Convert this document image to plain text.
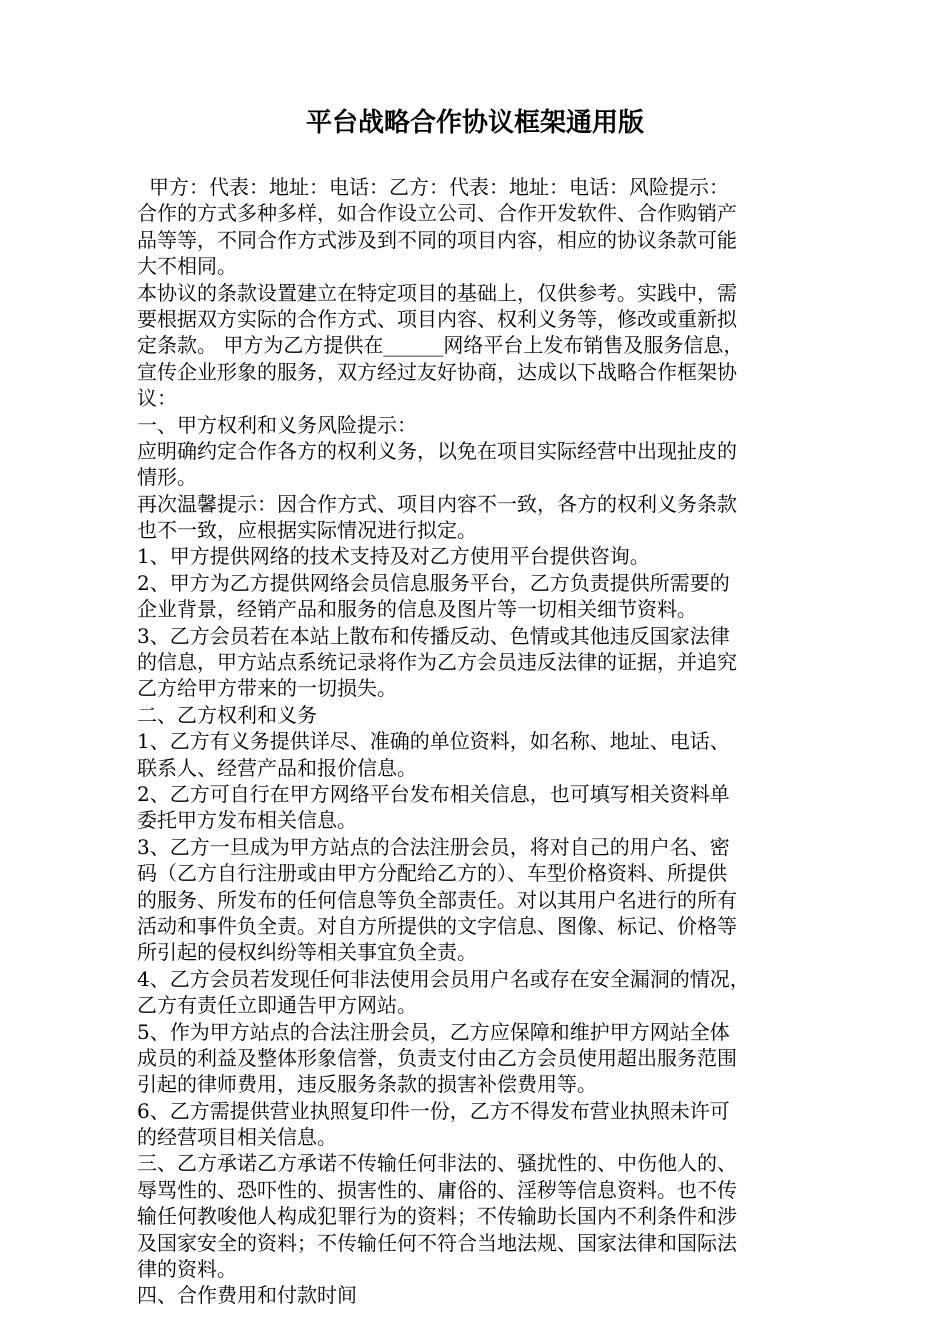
平台战略合作协议框架通用版
甲方：代表：地址：电话：乙方：代表：地址：电话：风险提示：
合作的方式多种多样，如合作设立公司、合作开发软件、合作购销产
品等等，不同合作方式涉及到不同的项目内容，相应的协议条款可能
大不相同。
本协议的条款设置建立在特定项目的基础上，仅供参考。实践中，需
要根据双方实际的合作方式、项目内容、权利义务等，修改或重新拟
定条款。 甲方为乙方提供在______网络平台上发布销售及服务信息，
宣传企业形象的服务，双方经过友好协商，达成以下战略合作框架协
议：
一、甲方权利和义务风险提示：
应明确约定合作各方的权利义务，以免在项目实际经营中出现扯皮的
情形。
再次温馨提示：因合作方式、项目内容不一致，各方的权利义务条款
也不一致，应根据实际情况进行拟定。
1、甲方提供网络的技术支持及对乙方使用平台提供咨询。
2、甲方为乙方提供网络会员信息服务平台，乙方负责提供所需要的
企业背景，经销产品和服务的信息及图片等一切相关细节资料。
3、乙方会员若在本站上散布和传播反动、色情或其他违反国家法律
的信息，甲方站点系统记录将作为乙方会员违反法律的证据，并追究
乙方给甲方带来的一切损失。
二、乙方权利和义务
1、乙方有义务提供详尽、准确的单位资料，如名称、地址、电话、
联系人、经营产品和报价信息。
2、乙方可自行在甲方网络平台发布相关信息，也可填写相关资料单
委托甲方发布相关信息。
3、乙方一旦成为甲方站点的合法注册会员，将对自己的用户名、密
码（乙方自行注册或由甲方分配给乙方的）、车型价格资料、所提供
的服务、所发布的任何信息等负全部责任。对以其用户名进行的所有
活动和事件负全责。对自方所提供的文字信息、图像、标记、价格等
所引起的侵权纠纷等相关事宜负全责。
4、乙方会员若发现任何非法使用会员用户名或存在安全漏洞的情况，
乙方有责任立即通告甲方网站。
5、作为甲方站点的合法注册会员，乙方应保障和维护甲方网站全体
成员的利益及整体形象信誉，负责支付由乙方会员使用超出服务范围
引起的律师费用，违反服务条款的损害补偿费用等。
6、乙方需提供营业执照复印件一份，乙方不得发布营业执照未许可
的经营项目相关信息。
三、乙方承诺乙方承诺不传输任何非法的、骚扰性的、中伤他人的、
辱骂性的、恐吓性的、损害性的、庸俗的、淫秽等信息资料。也不传
输任何教唆他人构成犯罪行为的资料；不传输助长国内不利条件和涉
及国家安全的资料；不传输任何不符合当地法规、国家法律和国际法
律的资料。
四、合作费用和付款时间
